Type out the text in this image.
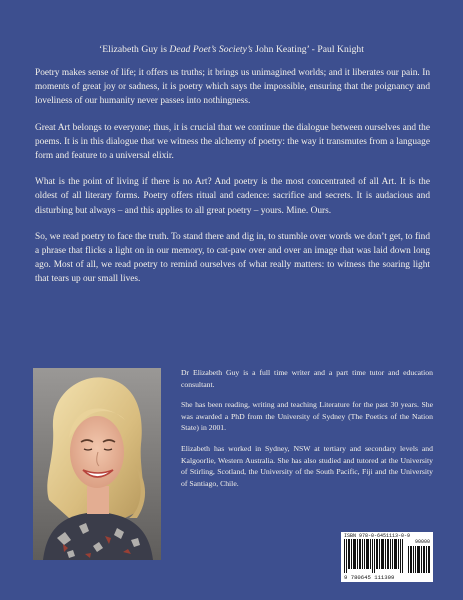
‘Elizabeth Guy is Dead Poet’s Society’s John Keating’ - Paul Knight

Poetry makes sense of life; it offers us truths; it brings us unimagined worlds; and it liberates our pain. In moments of great joy or sadness, it is poetry which says the impossible, ensuring that the poignancy and loveliness of our humanity never passes into nothingness.

Great Art belongs to everyone; thus, it is crucial that we continue the dialogue between ourselves and the poems. It is in this dialogue that we witness the alchemy of poetry: the way it transmutes from a language form and feature to a universal elixir.

What is the point of living if there is no Art? And poetry is the most concentrated of all Art. It is the oldest of all literary forms. Poetry offers ritual and cadence: sacrifice and secrets. It is audacious and disturbing but always – and this applies to all great poetry – yours. Mine. Ours.

So, we read poetry to face the truth. To stand there and dig in, to stumble over words we don’t get, to find a phrase that flicks a light on in our memory, to cat-paw over and over an image that was laid down long ago. Most of all, we read poetry to remind ourselves of what really matters: to witness the soaring light that tears up our small lives.

Dr Elizabeth Guy is a full time writer and a part time tutor and education consultant.

She has been reading, writing and teaching Literature for the past 30 years. She was awarded a PhD from the University of Sydney (The Poetics of the Nation State) in 2001.

Elizabeth has worked in Sydney, NSW at tertiary and secondary levels and Kalgoorlie, Western Australia. She has also studied and tutored at the University of Stirling, Scotland, the University of the South Pacific, Fiji and the University of Santiago, Chile.

ISBN 978-0-6451113-0-9
90000
9 780645 111309
